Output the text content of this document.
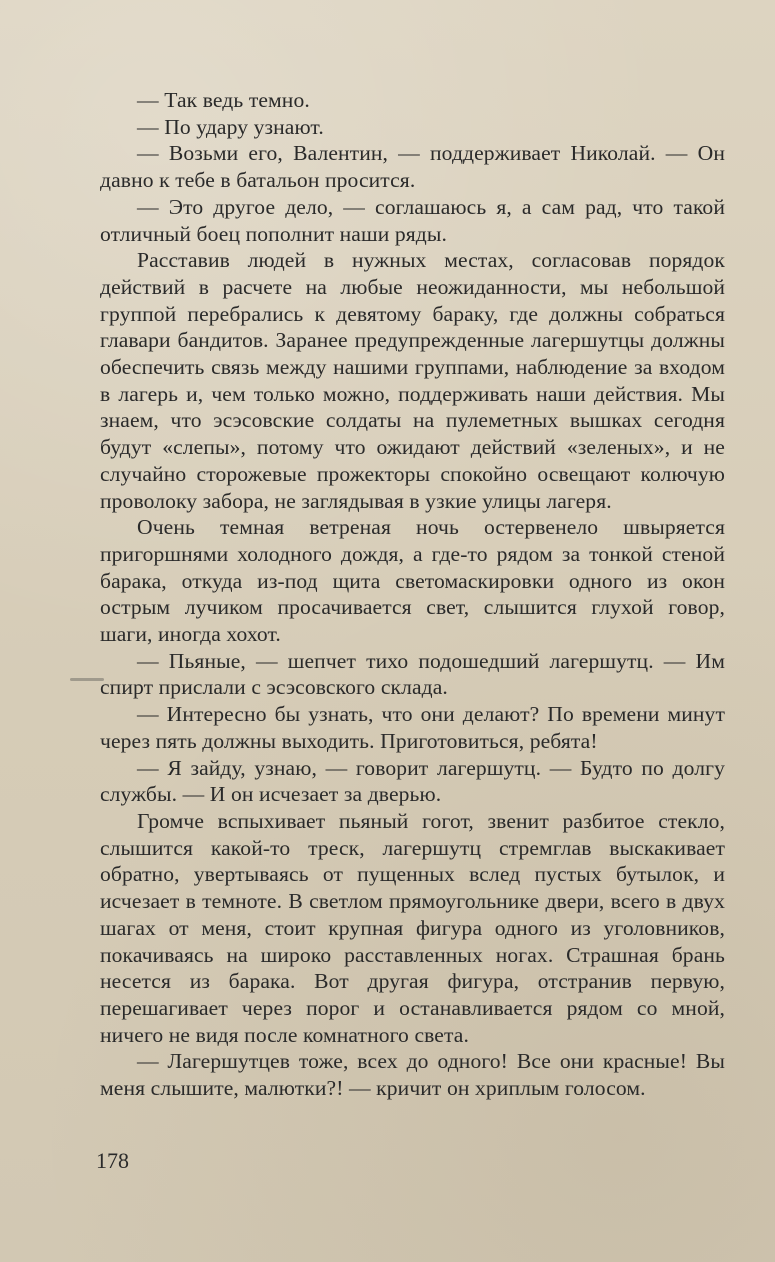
— Так ведь темно.

— По удару узнают.

— Возьми его, Валентин, — поддерживает Николай. — Он давно к тебе в батальон просится.

— Это другое дело, — соглашаюсь я, а сам рад, что такой отличный боец пополнит наши ряды.

Расставив людей в нужных местах, согласовав порядок действий в расчете на любые неожиданности, мы небольшой группой перебрались к девятому бараку, где должны собраться главари бандитов. Заранее предупрежденные лагершутцы должны обеспечить связь между нашими группами, наблюдение за входом в лагерь и, чем только можно, поддерживать наши действия. Мы знаем, что эсэсовские солдаты на пулеметных вышках сегодня будут «слепы», потому что ожидают действий «зеленых», и не случайно сторожевые прожекторы спокойно освещают колючую проволоку забора, не заглядывая в узкие улицы лагеря.

Очень темная ветреная ночь остервенело швыряется пригоршнями холодного дождя, а где-то рядом за тонкой стеной барака, откуда из-под щита светомаскировки одного из окон острым лучиком просачивается свет, слышится глухой говор, шаги, иногда хохот.

— Пьяные, — шепчет тихо подошедший лагершутц. — Им спирт прислали с эсэсовского склада.

— Интересно бы узнать, что они делают? По времени минут через пять должны выходить. Приготовиться, ребята!

— Я зайду, узнаю, — говорит лагершутц. — Будто по долгу службы. — И он исчезает за дверью.

Громче вспыхивает пьяный гогот, звенит разбитое стекло, слышится какой-то треск, лагершутц стремглав выскакивает обратно, увертываясь от пущенных вслед пустых бутылок, и исчезает в темноте. В светлом прямоугольнике двери, всего в двух шагах от меня, стоит крупная фигура одного из уголовников, покачиваясь на широко расставленных ногах. Страшная брань несется из барака. Вот другая фигура, отстранив первую, перешагивает через порог и останавливается рядом со мной, ничего не видя после комнатного света.

— Лагершутцев тоже, всех до одного! Все они красные! Вы меня слышите, малютки?! — кричит он хриплым голосом.

178
